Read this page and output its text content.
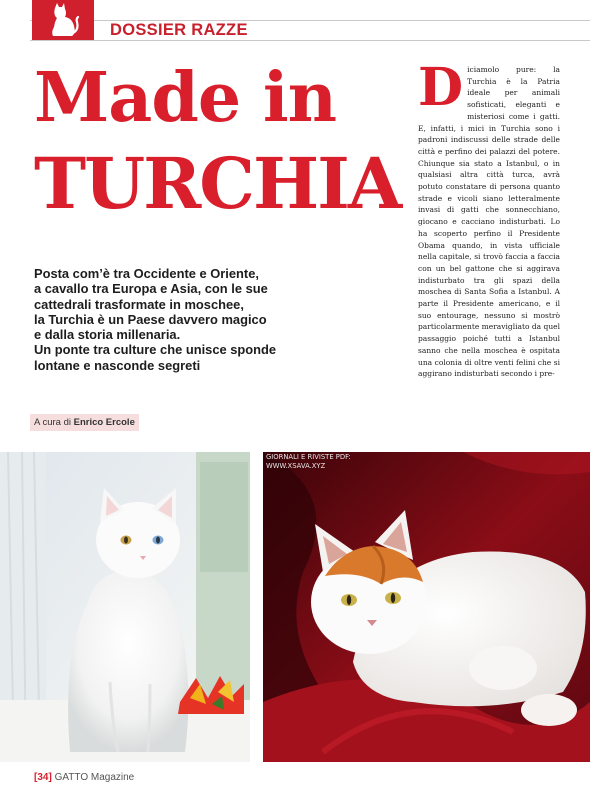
DOSSIER RAZZE
Made in
TURCHIA
Posta com’è tra Occidente e Oriente,
a cavallo tra Europa e Asia, con le sue
cattedrali trasformate in moschee,
la Turchia è un Paese davvero magico
e dalla storia millenaria.
Un ponte tra culture che unisce sponde
lontane e nasconde segreti
A cura di Enrico Ercole
Diciamolo pure: la Turchia è la Patria ideale per animali sofisticati, eleganti e misteriosi come i gatti. E, infatti, i mici in Turchia sono i padroni indiscussi delle strade delle città e perfino dei palazzi del potere. Chiunque sia stato a Istanbul, o in qualsiasi altra città turca, avrà potuto constatare di persona quanto strade e vicoli siano letteralmente invasi di gatti che sonnecchiano, giocano e cacciano indisturbati. Lo ha scoperto perfino il Presidente Obama quando, in vista ufficiale nella capitale, si trovò faccia a faccia con un bel gattone che si aggirava indisturbato tra gli spazi della moschea di Santa Sofia a Istanbul. A parte il Presidente americano, e il suo entourage, nessuno si mostrò particolarmente meravigliato da quel passaggio poiché tutti a Istanbul sanno che nella moschea è ospitata una colonia di oltre venti felini che si aggirano indisturbati secondo i pre-
GIORNALI E RIVISTE PDF:
WWW.XSAVA.XYZ
[34] GATTO Magazine
